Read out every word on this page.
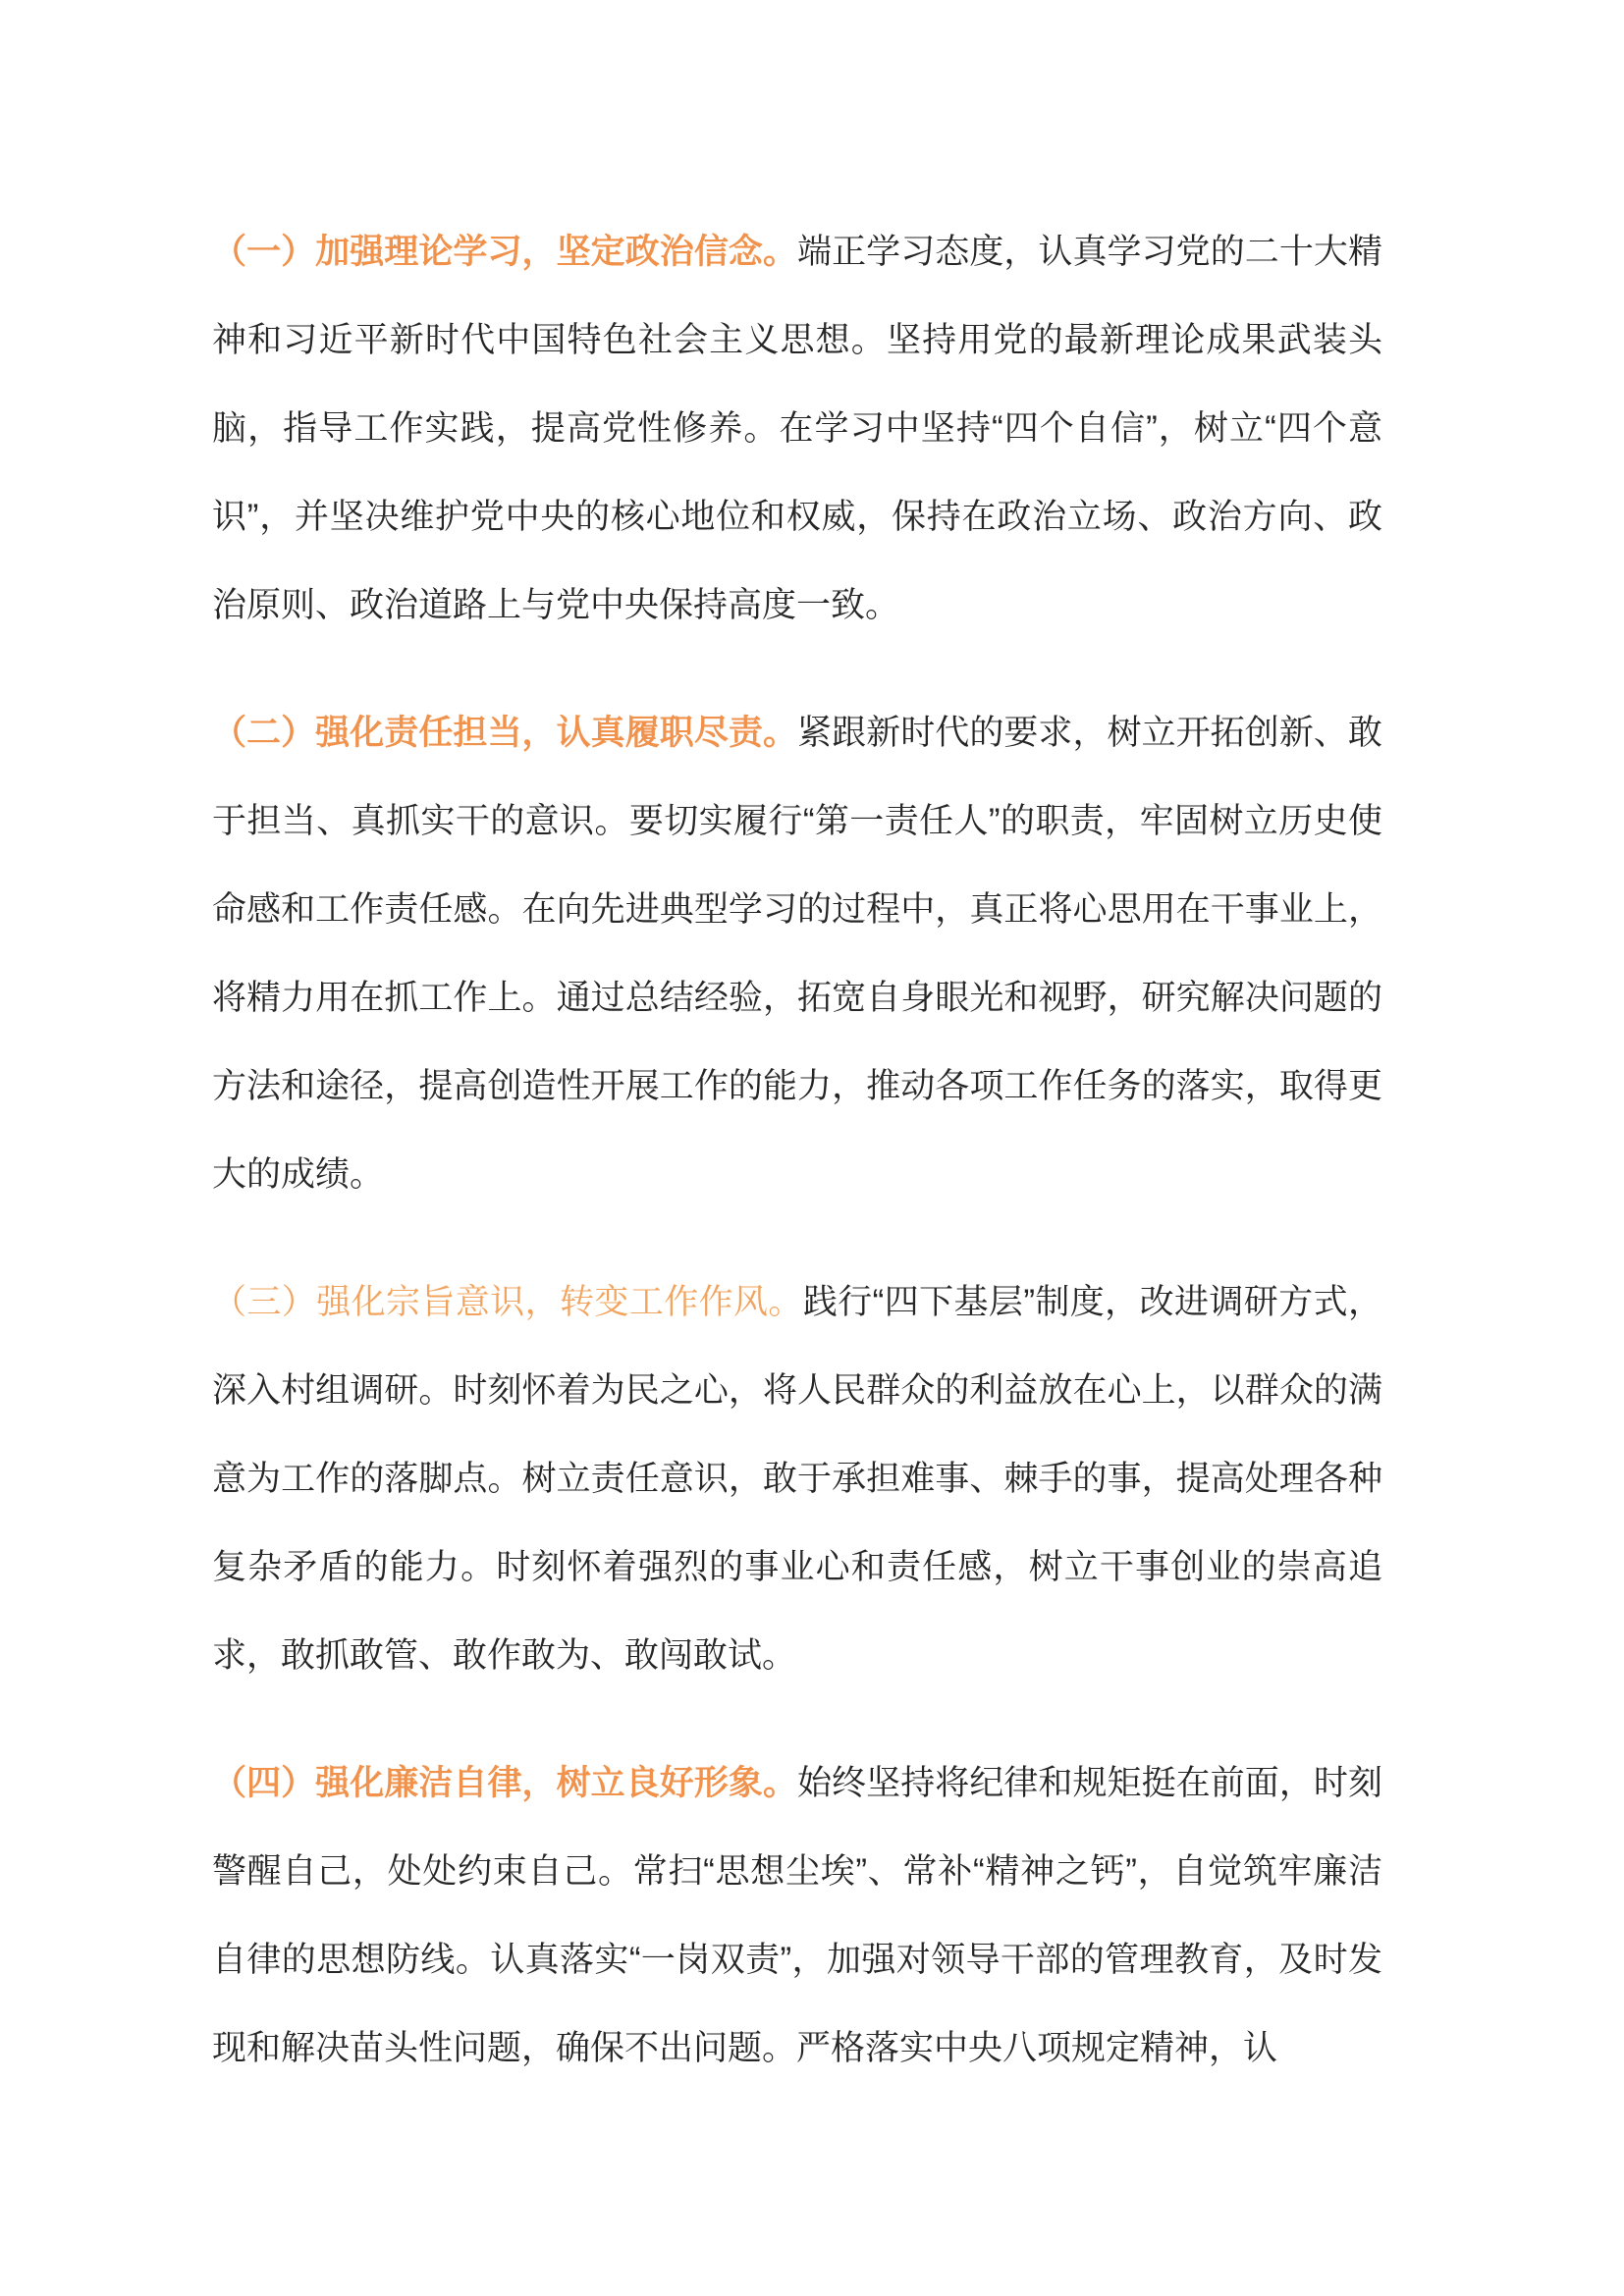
（一）加强理论学习，坚定政治信念。端正学习态度，认真学习党的二十大精神和习近平新时代中国特色社会主义思想。坚持用党的最新理论成果武装头脑，指导工作实践，提高党性修养。在学习中坚持“四个自信”，树立“四个意识”，并坚决维护党中央的核心地位和权威，保持在政治立场、政治方向、政治原则、政治道路上与党中央保持高度一致。
（二）强化责任担当，认真履职尽责。紧跟新时代的要求，树立开拓创新、敢于担当、真抓实干的意识。要切实履行“第一责任人”的职责，牢固树立历史使命感和工作责任感。在向先进典型学习的过程中，真正将心思用在干事业上，将精力用在抓工作上。通过总结经验，拓宽自身眼光和视野，研究解决问题的方法和途径，提高创造性开展工作的能力，推动各项工作任务的落实，取得更大的成绩。
（三）强化宗旨意识，转变工作作风。践行“四下基层”制度，改进调研方式，深入村组调研。时刻怀着为民之心，将人民群众的利益放在心上，以群众的满意为工作的落脚点。树立责任意识，敢于承担难事、棘手的事，提高处理各种复杂矛盾的能力。时刻怀着强烈的事业心和责任感，树立干事创业的崇高追求，敢抓敢管、敢作敢为、敢闯敢试。
（四）强化廉洁自律，树立良好形象。始终坚持将纪律和规矩挺在前面，时刻警醒自己，处处约束自己。常扫“思想尘埃”、常补“精神之钙”，自觉筑牢廉洁自律的思想防线。认真落实“一岗双责”，加强对领导干部的管理教育，及时发现和解决苗头性问题，确保不出问题。严格落实中央八项规定精神，认
